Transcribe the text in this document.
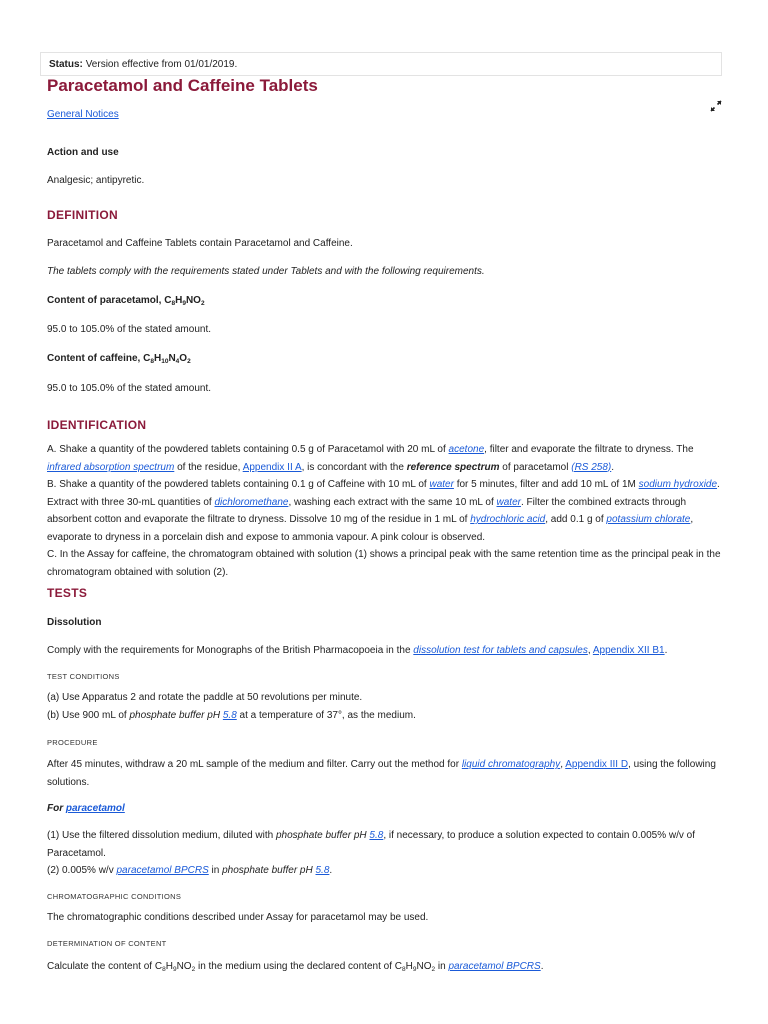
Status: Version effective from 01/01/2019.
Paracetamol and Caffeine Tablets
General Notices

Action and use

Analgesic; antipyretic.

DEFINITION

Paracetamol and Caffeine Tablets contain Paracetamol and Caffeine.

The tablets comply with the requirements stated under Tablets and with the following requirements.

Content of paracetamol, $C_8H_9NO_2$

95.0 to 105.0% of the stated amount.

Content of caffeine, $C_8H_{10}N_4O_2$

95.0 to 105.0% of the stated amount.

IDENTIFICATION

A. Shake a quantity of the powdered tablets containing 0.5 g of Paracetamol with 20 mL of acetone, filter and evaporate the filtrate to dryness. The infrared absorption spectrum of the residue, Appendix II A, is concordant with the reference spectrum of paracetamol (RS 258).

B. Shake a quantity of the powdered tablets containing 0.1 g of Caffeine with 10 mL of water for 5 minutes, filter and add 10 mL of 1M sodium hydroxide. Extract with three 30-mL quantities of dichloromethane, washing each extract with the same 10 mL of water. Filter the combined extracts through absorbent cotton and evaporate the filtrate to dryness. Dissolve 10 mg of the residue in 1 mL of hydrochloric acid, add 0.1 g of potassium chlorate, evaporate to dryness in a porcelain dish and expose to ammonia vapour. A pink colour is observed.

C. In the Assay for caffeine, the chromatogram obtained with solution (1) shows a principal peak with the same retention time as the principal peak in the chromatogram obtained with solution (2).

TESTS

Dissolution

Comply with the requirements for Monographs of the British Pharmacopoeia in the dissolution test for tablets and capsules, Appendix XII B1.

TEST CONDITIONS

(a) Use Apparatus 2 and rotate the paddle at 50 revolutions per minute.

(b) Use 900 mL of phosphate buffer pH 5.8 at a temperature of 37°, as the medium.

PROCEDURE

After 45 minutes, withdraw a 20 mL sample of the medium and filter. Carry out the method for liquid chromatography, Appendix III D, using the following solutions.

For paracetamol

(1) Use the filtered dissolution medium, diluted with phosphate buffer pH 5.8, if necessary, to produce a solution expected to contain 0.005% w/v of Paracetamol.

(2) 0.005% w/v paracetamol BPCRS in phosphate buffer pH 5.8.

CHROMATOGRAPHIC CONDITIONS

The chromatographic conditions described under Assay for paracetamol may be used.

DETERMINATION OF CONTENT

Calculate the content of $C_8H_9NO_2$ in the medium using the declared content of $C_8H_9NO_2$ in paracetamol BPCRS.
